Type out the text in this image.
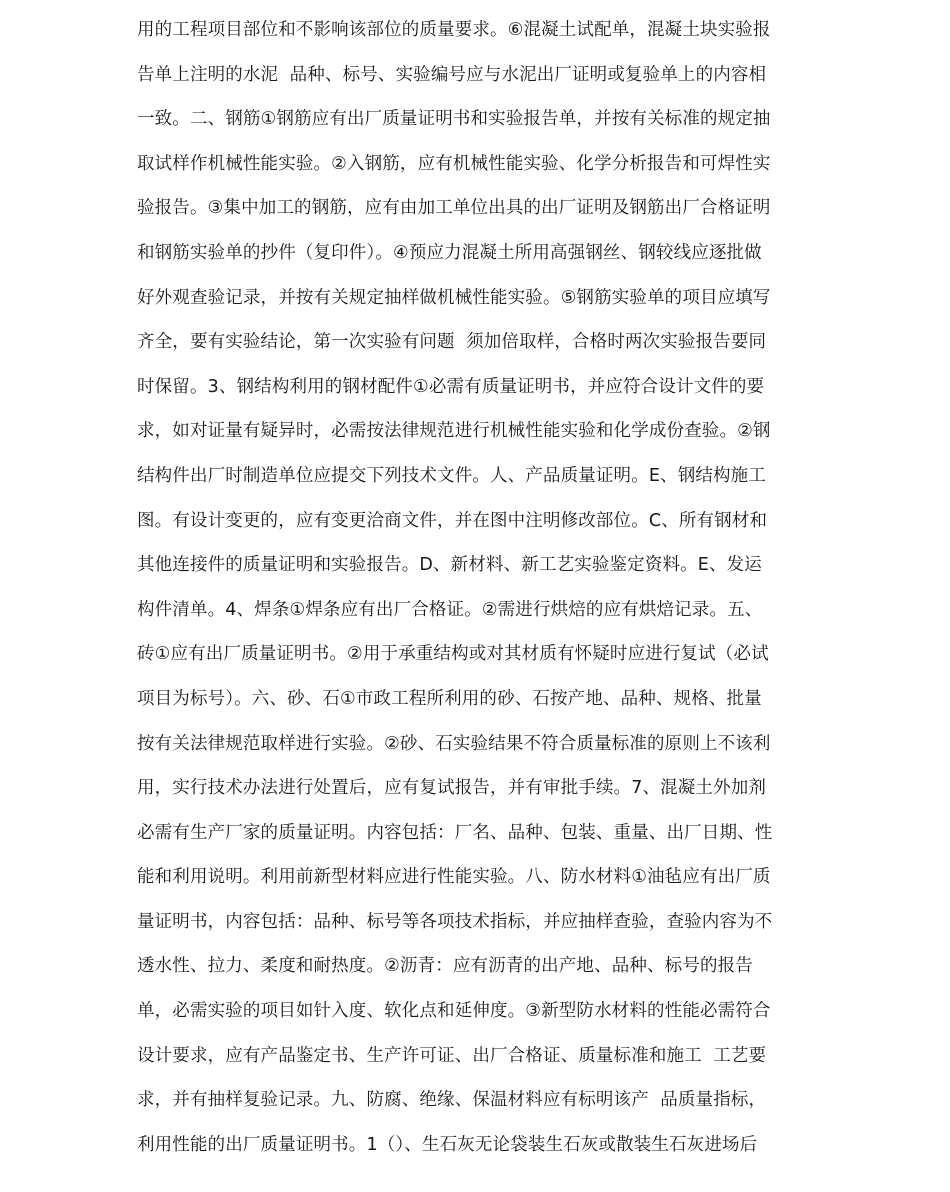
用的工程项目部位和不影响该部位的质量要求。⑥混凝土试配单，混凝土块实验报
告单上注明的水泥  品种、标号、实验编号应与水泥出厂证明或复验单上的内容相
一致。二、钢筋①钢筋应有出厂质量证明书和实验报告单，并按有关标准的规定抽
取试样作机械性能实验。②入钢筋，应有机械性能实验、化学分析报告和可焊性实
验报告。③集中加工的钢筋，应有由加工单位出具的出厂证明及钢筋出厂合格证明
和钢筋实验单的抄件（复印件）。④预应力混凝土所用高强钢丝、钢较线应逐批做
好外观查验记录，并按有关规定抽样做机械性能实验。⑤钢筋实验单的项目应填写
齐全，要有实验结论，第一次实验有问题  须加倍取样，合格时两次实验报告要同
时保留。3、钢结构利用的钢材配件①必需有质量证明书，并应符合设计文件的要
求，如对证量有疑异时，必需按法律规范进行机械性能实验和化学成份查验。②钢
结构件出厂时制造单位应提交下列技术文件。人、产品质量证明。E、钢结构施工
图。有设计变更的，应有变更洽商文件，并在图中注明修改部位。C、所有钢材和
其他连接件的质量证明和实验报告。D、新材料、新工艺实验鉴定资料。E、发运
构件清单。4、焊条①焊条应有出厂合格证。②需进行烘焙的应有烘焙记录。五、
砖①应有出厂质量证明书。②用于承重结构或对其材质有怀疑时应进行复试（必试
项目为标号）。六、砂、石①市政工程所利用的砂、石按产地、品种、规格、批量
按有关法律规范取样进行实验。②砂、石实验结果不符合质量标准的原则上不该利
用，实行技术办法进行处置后，应有复试报告，并有审批手续。7、混凝土外加剂
必需有生产厂家的质量证明。内容包括：厂名、品种、包装、重量、出厂日期、性
能和利用说明。利用前新型材料应进行性能实验。八、防水材料①油毡应有出厂质
量证明书，内容包括：品种、标号等各项技术指标，并应抽样查验，查验内容为不
透水性、拉力、柔度和耐热度。②沥青：应有沥青的出产地、品种、标号的报告
单，必需实验的项目如针入度、软化点和延伸度。③新型防水材料的性能必需符合
设计要求，应有产品鉴定书、生产许可证、出厂合格证、质量标准和施工  工艺要
求，并有抽样复验记录。九、防腐、绝缘、保温材料应有标明该产  品质量指标，
利用性能的出厂质量证明书。1（）、生石灰无论袋装生石灰或散装生石灰进场后
